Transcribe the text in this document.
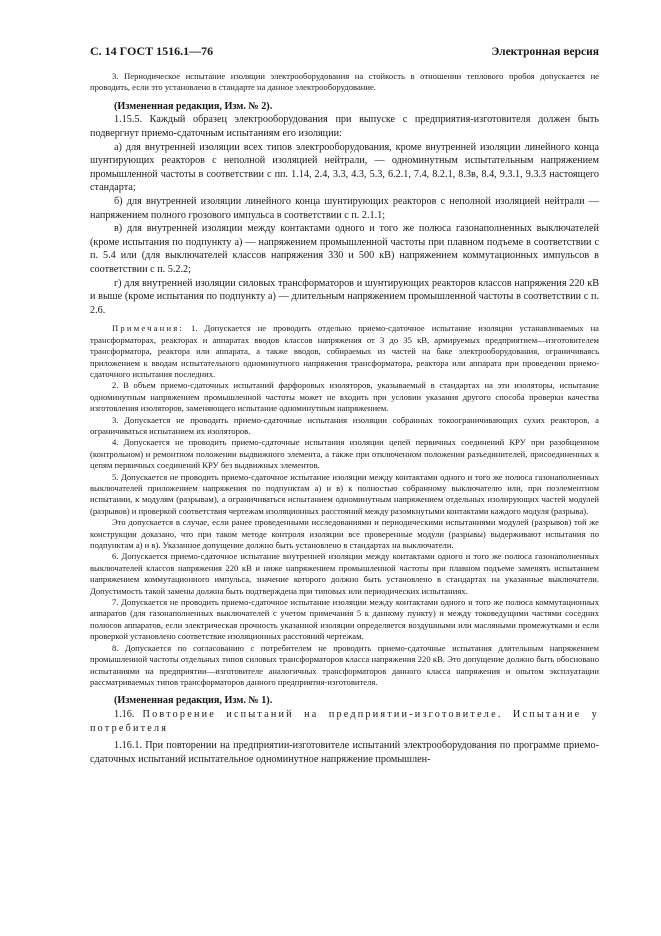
С. 14 ГОСТ 1516.1—76	Электронная версия

3. Периодическое испытание изоляции электрооборудования на стойкость в отношении теплового пробоя допускается не проводить, если это установлено в стандарте на данное электрооборудование.

(Измененная редакция, Изм. № 2).

1.15.5. Каждый образец электрооборудования при выпуске с предприятия-изготовителя должен быть подвергнут приемо-сдаточным испытаниям его изоляции:

а) для внутренней изоляции всех типов электрооборудования, кроме внутренней изоляции линейного конца шунтирующих реакторов с неполной изоляцией нейтрали, — одноминутным испытательным напряжением промышленной частоты в соответствии с пп. 1.14, 2.4, 3.3, 4.3, 5.3, 6.2.1, 7.4, 8.2.1, 8.3в, 8.4, 9.3.1, 9.3.3 настоящего стандарта;

б) для внутренней изоляции линейного конца шунтирующих реакторов с неполной изоляцией нейтрали — напряжением полного грозового импульса в соответствии с п. 2.1.1;

в) для внутренней изоляции между контактами одного и того же полюса газонаполненных выключателей (кроме испытания по подпункту а) — напряжением промышленной частоты при плавном подъеме в соответствии с п. 5.4 или (для выключателей классов напряжения 330 и 500 кВ) напряжением коммутационных импульсов в соответствии с п. 5.2.2;

г) для внутренней изоляции силовых трансформаторов и шунтирующих реакторов классов напряжения 220 кВ и выше (кроме испытания по подпункту а) — длительным напряжением промышленной частоты в соответствии с п. 2.6.

Примечания: 1. Допускается не проводить отдельно приемо-сдаточное испытание изоляции устанавливаемых на трансформаторах, реакторах и аппаратах вводов классов напряжения от 3 до 35 кВ, армируемых предприятием—изготовителем трансформатора, реактора или аппарата, а также вводов, собираемых из частей на баке электрооборудования, ограничиваясь приложением к вводам испытательного одноминутного напряжения трансформатора, реактора или аппарата при проведении приемо-сдаточного испытания последних.

2. В объем приемо-сдаточных испытаний фарфоровых изоляторов, указываемый в стандартах на эти изоляторы, испытание одноминутным напряжением промышленной частоты может не входить при условии указания другого способа проверки качества изготовления изоляторов, заменяющего испытание одноминутным напряжением.

3. Допускается не проводить приемо-сдаточные испытания изоляции собранных токоограничивающих сухих реакторов, а ограничиваться испытанием их изоляторов.

4. Допускается не проводить приемо-сдаточные испытания изоляции цепей первичных соединений КРУ при разобщенном (контрольном) и ремонтном положении выдвижного элемента, а также при отключенном положении разъединителей, присоединенных к цепям первичных соединений КРУ без выдвижных элементов.

5. Допускается не проводить приемо-сдаточное испытание изоляции между контактами одного и того же полюса газонаполненных выключателей приложением напряжения по подпунктам а) и в) к полностью собранному выключателю или, при поэлементном испытании, к модулям (разрывам), а ограничиваться испытанием одноминутным напряжением отдельных изолирующих частей модулей (разрывов) и проверкой соответствия чертежам изоляционных расстояний между разомкнутыми контактами каждого модуля (разрыва).

Это допускается в случае, если ранее проведенными исследованиями и периодическими испытаниями модулей (разрывов) той же конструкции доказано, что при таком методе контроля изоляции все проверенные модули (разрывы) выдерживают испытания по подпунктам а) и в). Указанное допущение должно быть установлено в стандартах на выключатели.

6. Допускается приемо-сдаточное испытание внутренней изоляции между контактами одного и того же полюса газонаполненных выключателей классов напряжения 220 кВ и ниже напряжением промышленной частоты при плавном подъеме заменять испытанием напряжением коммутационного импульса, значение которого должно быть установлено в стандартах на указанные выключатели. Допустимость такой замены должна быть подтверждена при типовых или периодических испытаниях.

7. Допускается не проводить приемо-сдаточное испытание изоляции между контактами одного и того же полюса коммутационных аппаратов (для газонаполненных выключателей с учетом примечания 5 к данному пункту) и между токоведущими частями соседних полюсов аппаратов, если электрическая прочность указанной изоляции определяется воздушными или масляными промежутками и если проверкой установлено соответствие изоляционных расстояний чертежам.

8. Допускается по согласованию с потребителем не проводить приемо-сдаточные испытания длительным напряжением промышленной частоты отдельных типов силовых трансформаторов класса напряжения 220 кВ. Это допущение должно быть обосновано испытаниями на предприятии—изготовителе аналогичных трансформаторов данного класса напряжения и опытом эксплуатации рассматриваемых типов трансформаторов данного предприятия-изготовителя.

(Измененная редакция, Изм. № 1).

1.16. Повторение испытаний на предприятии-изготовителе. Испытание у потребителя

1.16.1. При повторении на предприятии-изготовителе испытаний электрооборудования по программе приемо-сдаточных испытаний испытательное одноминутное напряжение промышлен-
